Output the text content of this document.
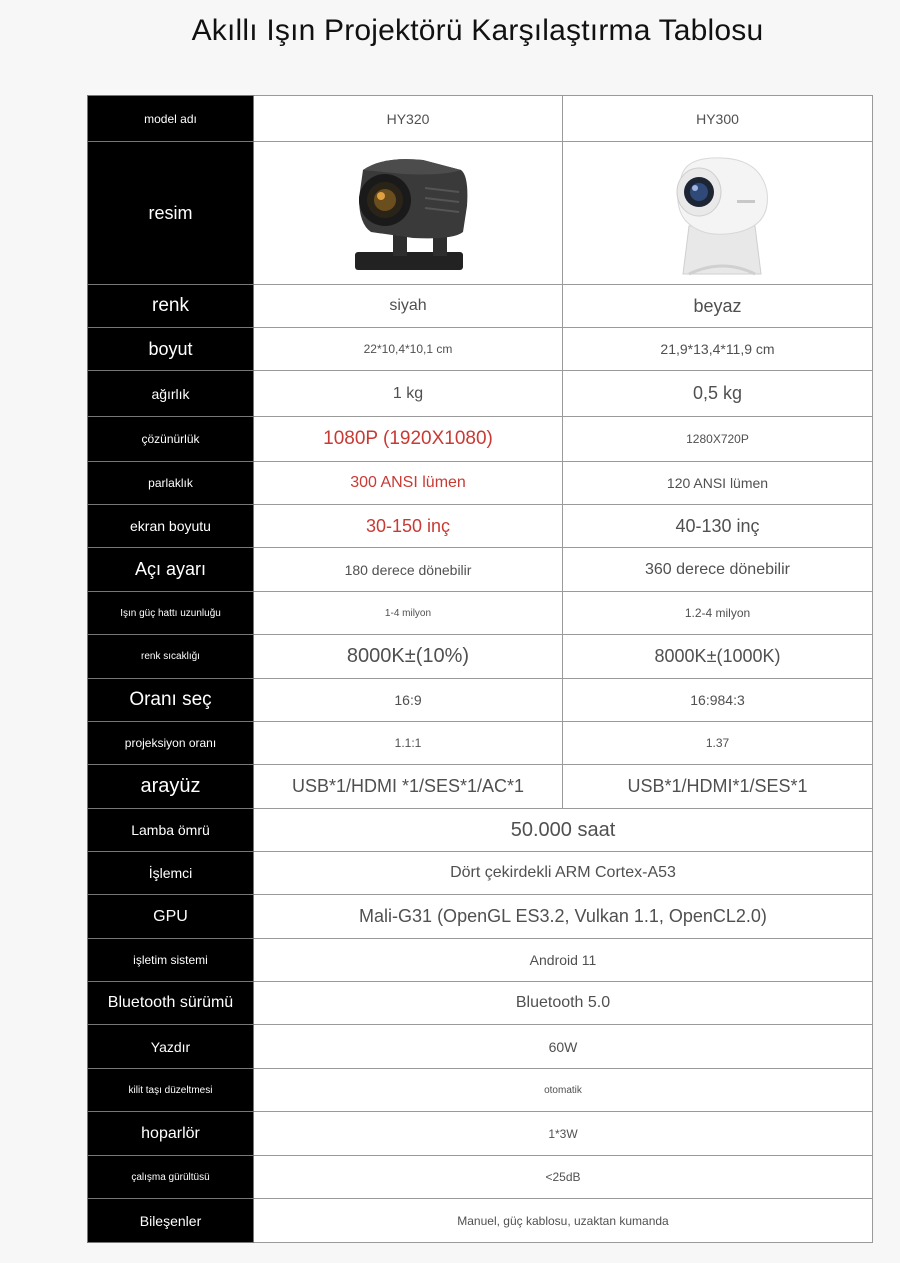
Akıllı Işın Projektörü Karşılaştırma Tablosu
model adı	HY320	HY300
resim	

renk	siyah	beyaz
boyut	22*10,4*10,1 cm	21,9*13,4*11,9 cm
ağırlık	1 kg	0,5 kg
çözünürlük	1080P (1920X1080)	1280X720P
parlaklık	300 ANSI lümen	120 ANSI lümen
ekran boyutu	30-150 inç	40-130 inç
Açı ayarı	180 derece dönebilir	360 derece dönebilir
Işın güç hattı uzunluğu	1-4 milyon	1.2-4 milyon
renk sıcaklığı	8000K±(10%)	8000K±(1000K)
Oranı seç	16:9	16:984:3
projeksiyon oranı	1.1:1	1.37
arayüz	USB*1/HDMI *1/SES*1/AC*1	USB*1/HDMI*1/SES*1
Lamba ömrü	50.000 saat	
İşlemci	Dört çekirdekli ARM Cortex-A53	
GPU	Mali-G31 (OpenGL ES3.2, Vulkan 1.1, OpenCL2.0)	
işletim sistemi	Android 11	
Bluetooth sürümü	Bluetooth 5.0	
Yazdır	60W	
kilit taşı düzeltmesi	otomatik	
hoparlör	1*3W	
çalışma gürültüsü	<25dB	
Bileşenler	Manuel, güç kablosu, uzaktan kumanda	
